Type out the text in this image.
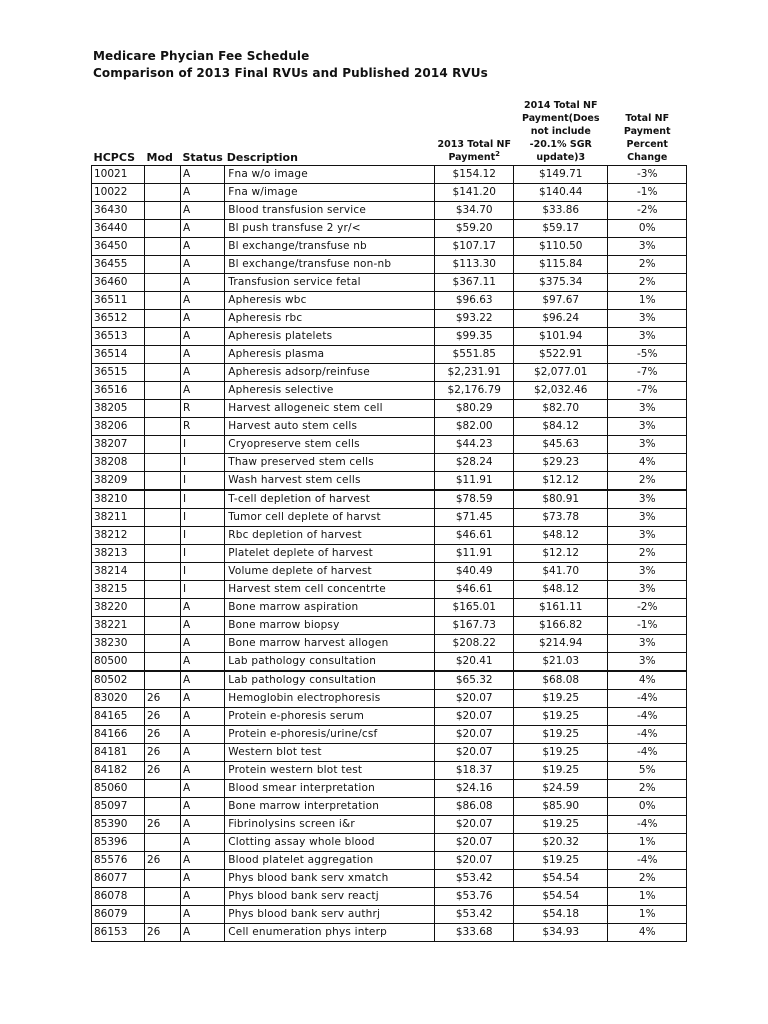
Medicare Phycian Fee Schedule
Comparison of 2013 Final RVUs and Published 2014 RVUs
HCPCS	Mod	Status	Description	2013 Total NF Payment$^2$	2014 Total NF Payment(Does not include -20.1% SGR update)3	Total NF Payment Percent Change
10021		A	Fna w/o image	$154.12	$149.71	-3%
10022		A	Fna w/image	$141.20	$140.44	-1%
36430		A	Blood transfusion service	$34.70	$33.86	-2%
36440		A	Bl push transfuse 2 yr/<	$59.20	$59.17	0%
36450		A	Bl exchange/transfuse nb	$107.17	$110.50	3%
36455		A	Bl exchange/transfuse non-nb	$113.30	$115.84	2%
36460		A	Transfusion service fetal	$367.11	$375.34	2%
36511		A	Apheresis wbc	$96.63	$97.67	1%
36512		A	Apheresis rbc	$93.22	$96.24	3%
36513		A	Apheresis platelets	$99.35	$101.94	3%
36514		A	Apheresis plasma	$551.85	$522.91	-5%
36515		A	Apheresis adsorp/reinfuse	$2,231.91	$2,077.01	-7%
36516		A	Apheresis selective	$2,176.79	$2,032.46	-7%
38205		R	Harvest allogeneic stem cell	$80.29	$82.70	3%
38206		R	Harvest auto stem cells	$82.00	$84.12	3%
38207		I	Cryopreserve stem cells	$44.23	$45.63	3%
38208		I	Thaw preserved stem cells	$28.24	$29.23	4%
38209		I	Wash harvest stem cells	$11.91	$12.12	2%
38210		I	T-cell depletion of harvest	$78.59	$80.91	3%
38211		I	Tumor cell deplete of harvst	$71.45	$73.78	3%
38212		I	Rbc depletion of harvest	$46.61	$48.12	3%
38213		I	Platelet deplete of harvest	$11.91	$12.12	2%
38214		I	Volume deplete of harvest	$40.49	$41.70	3%
38215		I	Harvest stem cell concentrte	$46.61	$48.12	3%
38220		A	Bone marrow aspiration	$165.01	$161.11	-2%
38221		A	Bone marrow biopsy	$167.73	$166.82	-1%
38230		A	Bone marrow harvest allogen	$208.22	$214.94	3%
80500		A	Lab pathology consultation	$20.41	$21.03	3%
80502		A	Lab pathology consultation	$65.32	$68.08	4%
83020	26	A	Hemoglobin electrophoresis	$20.07	$19.25	-4%
84165	26	A	Protein e-phoresis serum	$20.07	$19.25	-4%
84166	26	A	Protein e-phoresis/urine/csf	$20.07	$19.25	-4%
84181	26	A	Western blot test	$20.07	$19.25	-4%
84182	26	A	Protein western blot test	$18.37	$19.25	5%
85060		A	Blood smear interpretation	$24.16	$24.59	2%
85097		A	Bone marrow interpretation	$86.08	$85.90	0%
85390	26	A	Fibrinolysins screen i&r	$20.07	$19.25	-4%
85396		A	Clotting assay whole blood	$20.07	$20.32	1%
85576	26	A	Blood platelet aggregation	$20.07	$19.25	-4%
86077		A	Phys blood bank serv xmatch	$53.42	$54.54	2%
86078		A	Phys blood bank serv reactj	$53.76	$54.54	1%
86079		A	Phys blood bank serv authrj	$53.42	$54.18	1%
86153	26	A	Cell enumeration phys interp	$33.68	$34.93	4%
